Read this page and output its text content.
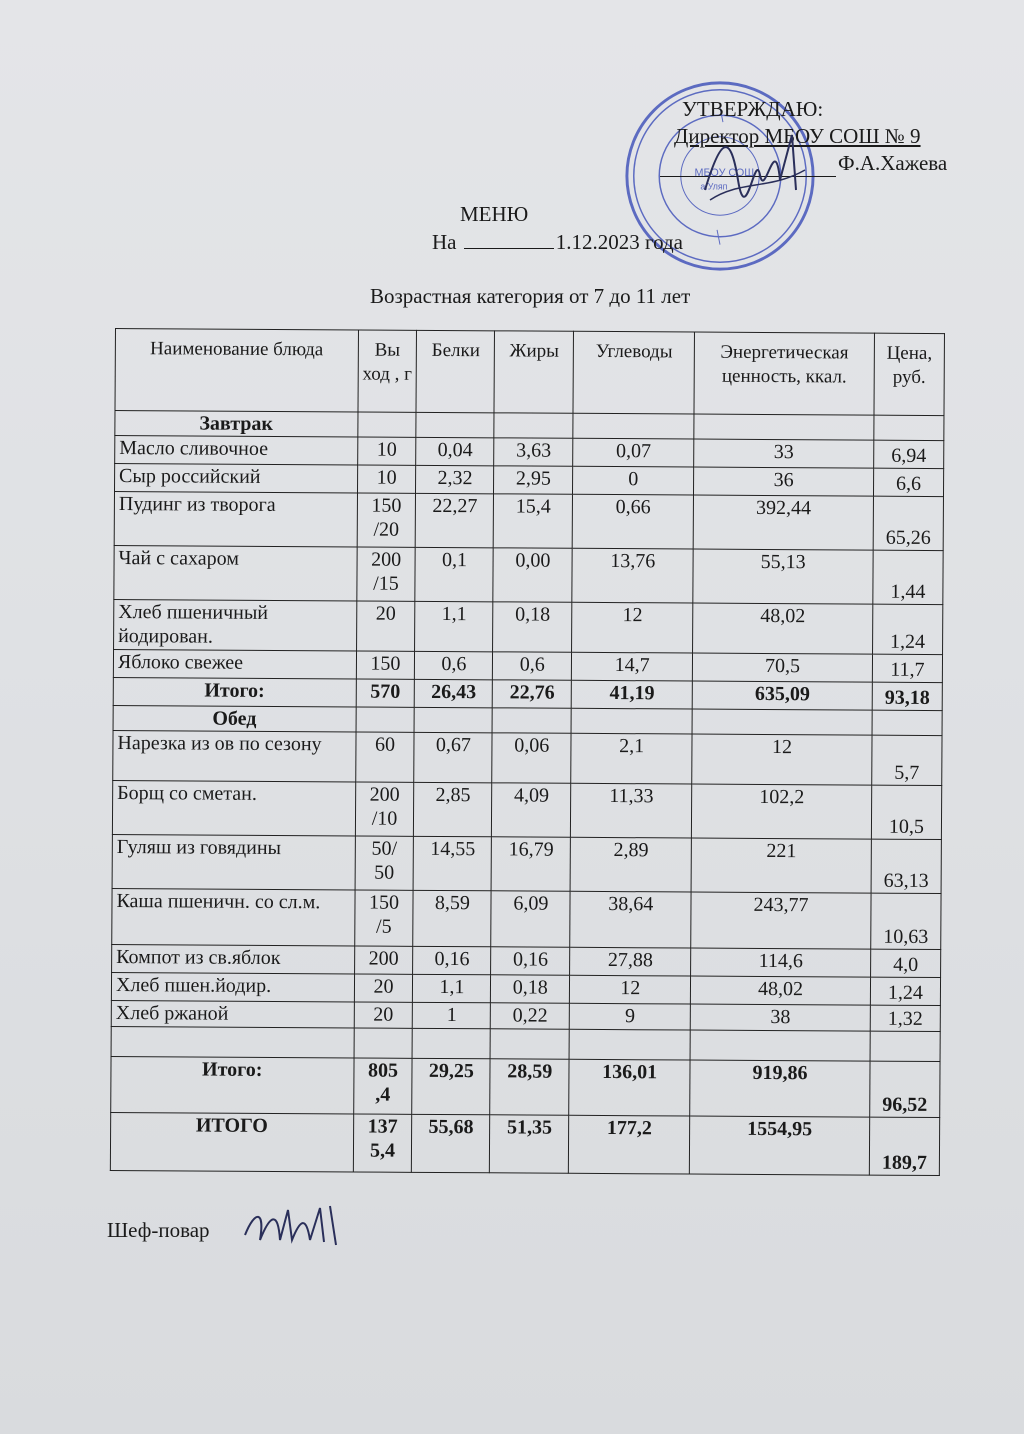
МБОУ СОШ
а.Уляп
УТВЕРЖДАЮ:
Директор МБОУ СОШ № 9
Ф.А.Хажева
МЕНЮ
На	1.12.2023 года
Возрастная категория от 7 до 11 лет
Наименование блюда	Вы ход , г	Белки	Жиры	Углеводы	Энергетическая ценность, ккал.	Цена, руб.
Завтрак						
Масло сливочное	10	0,04	3,63	0,07	33	6,94
Сыр российский	10	2,32	2,95	0	36	6,6
Пудинг из творога	150 /20	22,27	15,4	0,66	392,44	65,26
Чай с сахаром	200 /15	0,1	0,00	13,76	55,13	1,44
Хлеб пшеничный йодирован.	20	1,1	0,18	12	48,02	1,24
Яблоко свежее	150	0,6	0,6	14,7	70,5	11,7
Итого:	570	26,43	22,76	41,19	635,09	93,18
Обед						
Нарезка из ов по сезону	60	0,67	0,06	2,1	12	5,7
Борщ со сметан.	200 /10	2,85	4,09	11,33	102,2	10,5
Гуляш из говядины	50/ 50	14,55	16,79	2,89	221	63,13
Каша пшеничн. со сл.м.	150 /5	8,59	6,09	38,64	243,77	10,63
Компот из св.яблок	200	0,16	0,16	27,88	114,6	4,0
Хлеб пшен.йодир.	20	1,1	0,18	12	48,02	1,24
Хлеб ржаной	20	1	0,22	9	38	1,32

Итого:	805 ,4	29,25	28,59	136,01	919,86	96,52
ИТОГО	137 5,4	55,68	51,35	177,2	1554,95	189,7
Шеф-повар
